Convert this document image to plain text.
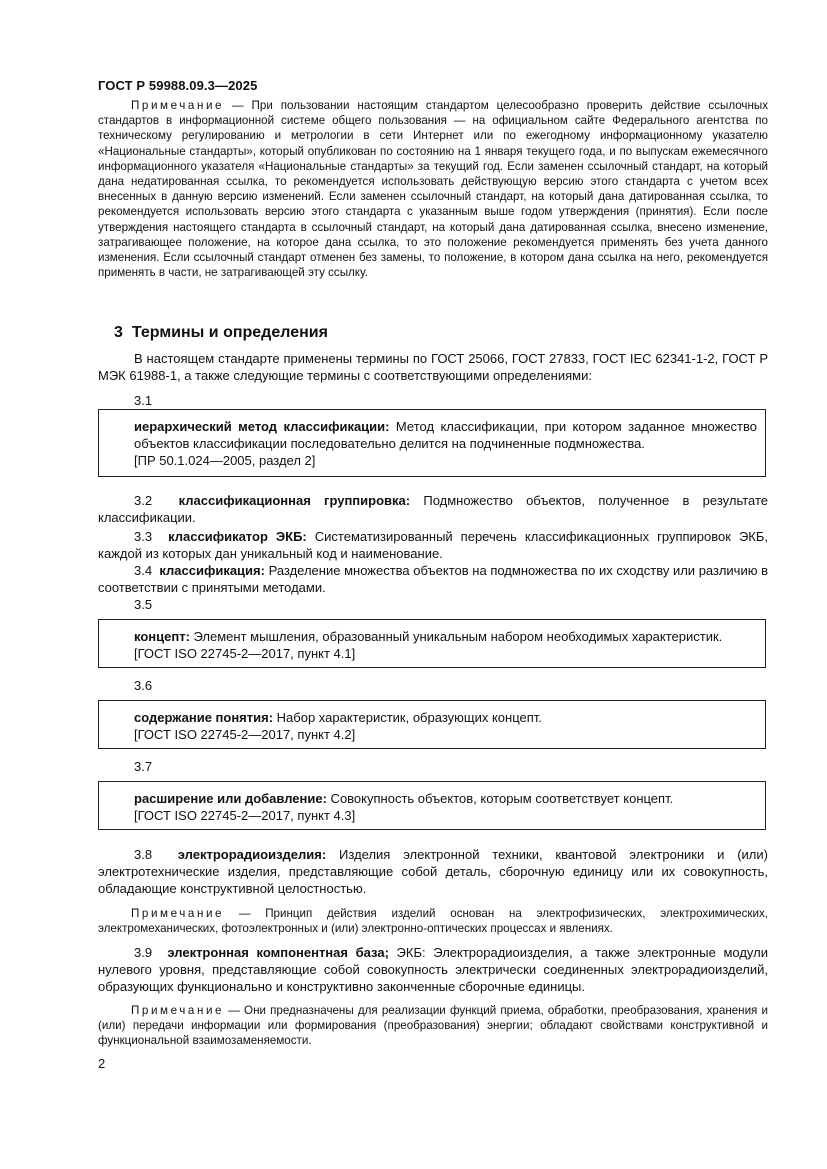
ГОСТ Р 59988.09.3—2025

Примечание — При пользовании настоящим стандартом целесообразно проверить действие ссылочных стандартов в информационной системе общего пользования — на официальном сайте Федерального агентства по техническому регулированию и метрологии в сети Интернет или по ежегодному информационному указателю «Национальные стандарты», который опубликован по состоянию на 1 января текущего года, и по выпускам ежемесячного информационного указателя «Национальные стандарты» за текущий год. Если заменен ссылочный стандарт, на который дана недатированная ссылка, то рекомендуется использовать действующую версию этого стандарта с учетом всех внесенных в данную версию изменений. Если заменен ссылочный стандарт, на который дана датированная ссылка, то рекомендуется использовать версию этого стандарта с указанным выше годом утверждения (принятия). Если после утверждения настоящего стандарта в ссылочный стандарт, на который дана датированная ссылка, внесено изменение, затрагивающее положение, на которое дана ссылка, то это положение рекомендуется применять без учета данного изменения. Если ссылочный стандарт отменен без замены, то положение, в котором дана ссылка на него, рекомендуется применять в части, не затрагивающей эту ссылку.

3 Термины и определения

В настоящем стандарте применены термины по ГОСТ 25066, ГОСТ 27833, ГОСТ IEC 62341-1-2, ГОСТ Р МЭК 61988-1, а также следующие термины с соответствующими определениями:

3.1
иерархический метод классификации: Метод классификации, при котором заданное множество объектов классификации последовательно делится на подчиненные подмножества.
[ПР 50.1.024—2005, раздел 2]

3.2 классификационная группировка: Подмножество объектов, полученное в результате классификации.

3.3 классификатор ЭКБ: Систематизированный перечень классификационных группировок ЭКБ, каждой из которых дан уникальный код и наименование.

3.4 классификация: Разделение множества объектов на подмножества по их сходству или различию в соответствии с принятыми методами.

3.5
концепт: Элемент мышления, образованный уникальным набором необходимых характеристик.
[ГОСТ ISO 22745-2—2017, пункт 4.1]
3.6
содержание понятия: Набор характеристик, образующих концепт.
[ГОСТ ISO 22745-2—2017, пункт 4.2]
3.7
расширение или добавление: Совокупность объектов, которым соответствует концепт.
[ГОСТ ISO 22745-2—2017, пункт 4.3]

3.8 электрорадиоизделия: Изделия электронной техники, квантовой электроники и (или) электротехнические изделия, представляющие собой деталь, сборочную единицу или их совокупность, обладающие конструктивной целостностью.

Примечание — Принцип действия изделий основан на электрофизических, электрохимических, электромеханических, фотоэлектронных и (или) электронно-оптических процессах и явлениях.

3.9 электронная компонентная база; ЭКБ: Электрорадиоизделия, а также электронные модули нулевого уровня, представляющие собой совокупность электрически соединенных электрорадиоизделий, образующих функционально и конструктивно законченные сборочные единицы.

Примечание — Они предназначены для реализации функций приема, обработки, преобразования, хранения и (или) передачи информации или формирования (преобразования) энергии; обладают свойствами конструктивной и функциональной взаимозаменяемости.

2
